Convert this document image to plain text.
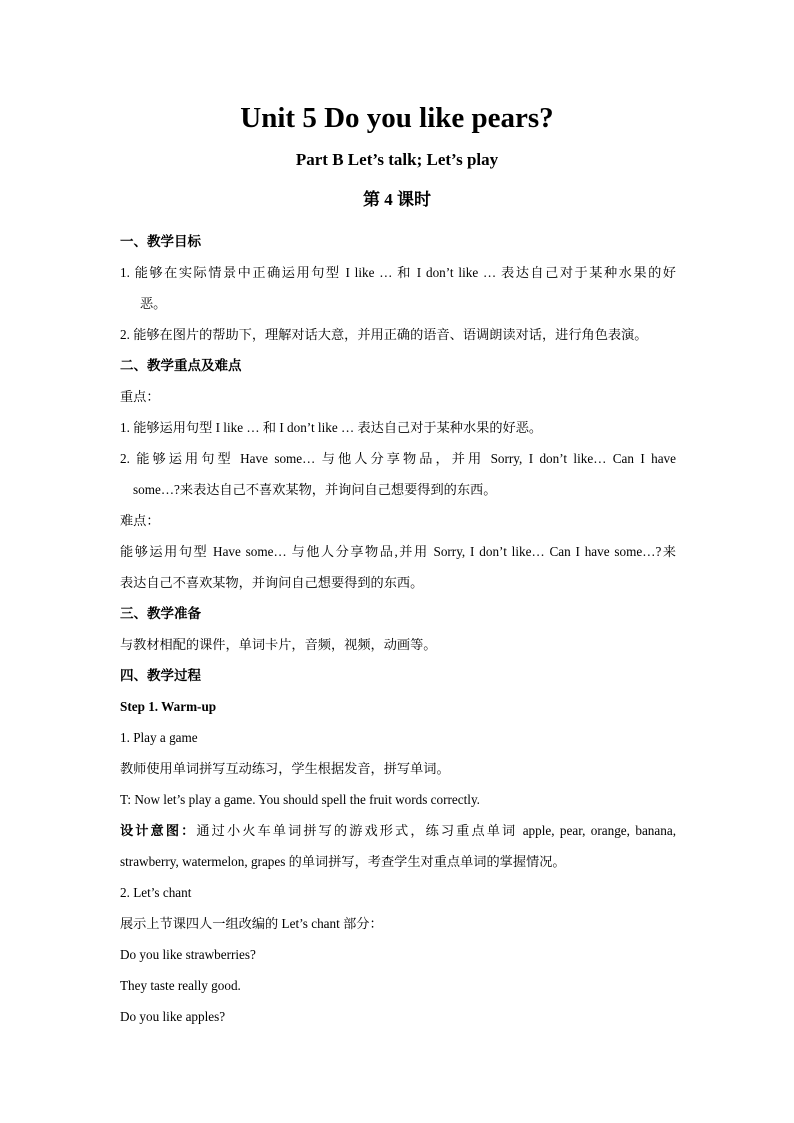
Unit 5 Do you like pears?
Part B Let’s talk; Let’s play
第 4 课时
一、教学目标
1. 能够在实际情景中正确运用句型 I like … 和 I don’t like … 表达自己对于某种水果的好
恶。
2. 能够在图片的帮助下，理解对话大意，并用正确的语音、语调朗读对话，进行角色表演。
二、教学重点及难点
重点：
1. 能够运用句型 I like … 和 I don’t like … 表达自己对于某种水果的好恶。
2. 能够运用句型 Have some… 与他人分享物品，并用 Sorry, I don’t like… Can I have
some…?来表达自己不喜欢某物，并询问自己想要得到的东西。
难点：
能够运用句型 Have some… 与他人分享物品,并用 Sorry, I don’t like… Can I have some…?来
表达自己不喜欢某物，并询问自己想要得到的东西。
三、教学准备
与教材相配的课件，单词卡片，音频，视频，动画等。
四、教学过程
Step 1. Warm-up
1. Play a game
教师使用单词拼写互动练习，学生根据发音，拼写单词。
T: Now let’s play a game. You should spell the fruit words correctly.
设计意图：通过小火车单词拼写的游戏形式，练习重点单词 apple, pear, orange, banana,
strawberry, watermelon, grapes 的单词拼写，考查学生对重点单词的掌握情况。
2. Let’s chant
展示上节课四人一组改编的 Let’s chant 部分：
Do you like strawberries?
They taste really good.
Do you like apples?
